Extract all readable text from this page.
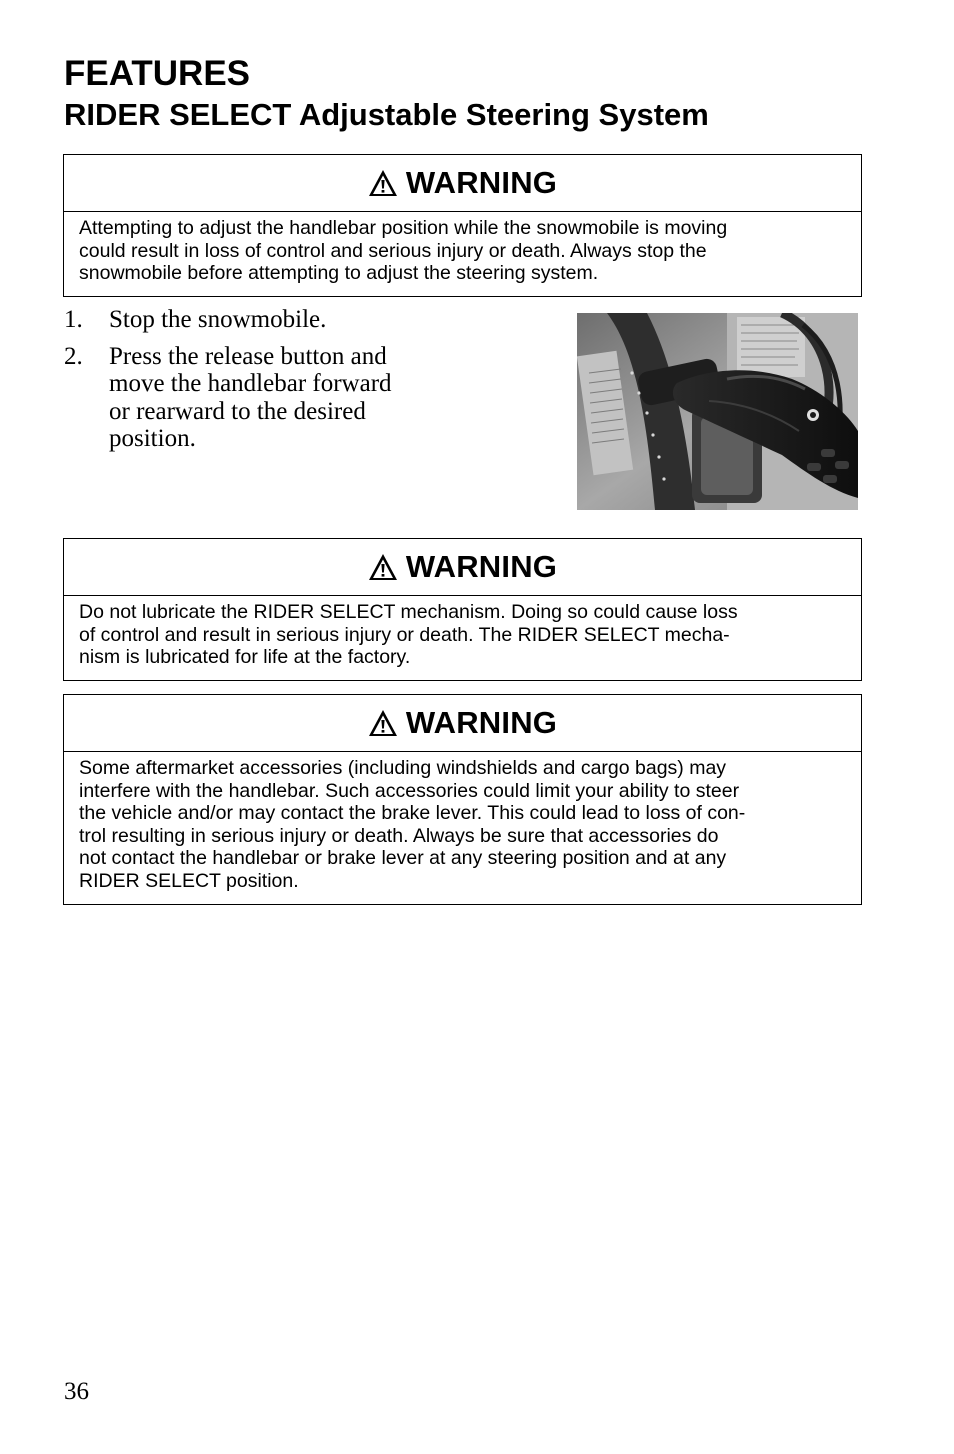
FEATURES
RIDER SELECT Adjustable Steering System
WARNING
Attempting to adjust the handlebar position while the snowmobile is moving
could result in loss of control and serious injury or death. Always stop the
snowmobile before attempting to adjust the steering system.
1.	Stop the snowmobile.
2.	Press the release button and
move the handlebar forward
or rearward to the desired
position.
WARNING
Do not lubricate the RIDER SELECT mechanism. Doing so could cause loss
of control and result in serious injury or death. The RIDER SELECT mecha-
nism is lubricated for life at the factory.
WARNING
Some aftermarket accessories (including windshields and cargo bags) may
interfere with the handlebar. Such accessories could limit your ability to steer
the vehicle and/or may contact the brake lever. This could lead to loss of con-
trol resulting in serious injury or death. Always be sure that accessories do
not contact the handlebar or brake lever at any steering position and at any
RIDER SELECT position.
36
